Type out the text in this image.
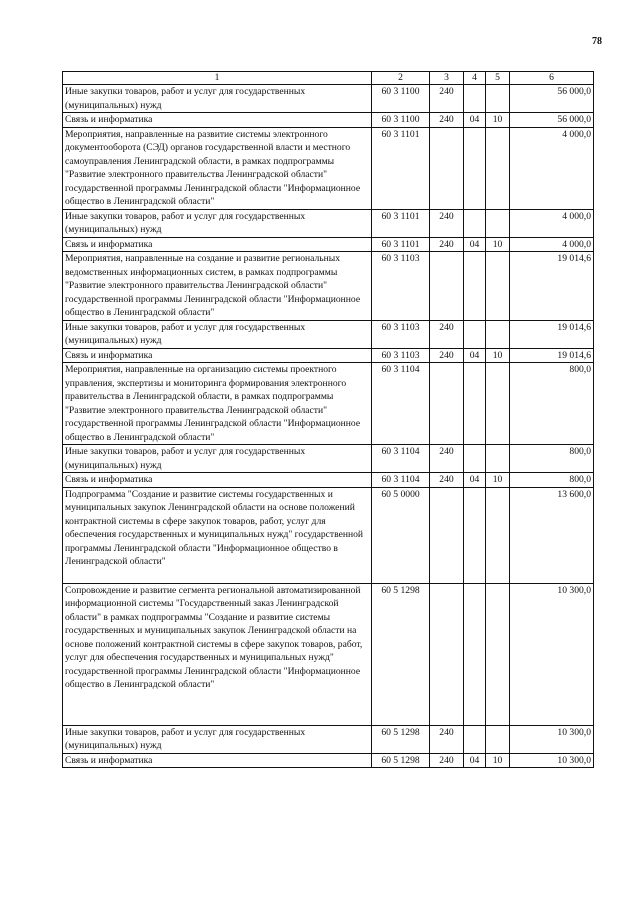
78
1	2	3	4	5	6
Иные закупки товаров, работ и услуг для государственных (муниципальных) нужд	60 3 1100	240			56 000,0
Связь и информатика	60 3 1100	240	04	10	56 000,0
Мероприятия, направленные на развитие системы электронного документооборота (СЭД) органов государственной власти и местного самоуправления Ленинградской области, в рамках подпрограммы "Развитие электронного правительства Ленинградской области" государственной программы Ленинградской области "Информационное общество в Ленинградской области"	60 3 1101				4 000,0
Иные закупки товаров, работ и услуг для государственных (муниципальных) нужд	60 3 1101	240			4 000,0
Связь и информатика	60 3 1101	240	04	10	4 000,0
Мероприятия, направленные на создание и развитие региональных ведомственных информационных систем, в рамках подпрограммы "Развитие электронного правительства Ленинградской области" государственной программы Ленинградской области "Информационное общество в Ленинградской области"	60 3 1103				19 014,6
Иные закупки товаров, работ и услуг для государственных (муниципальных) нужд	60 3 1103	240			19 014,6
Связь и информатика	60 3 1103	240	04	10	19 014,6
Мероприятия, направленные на организацию системы проектного управления, экспертизы и мониторинга формирования электронного правительства в Ленинградской области, в рамках подпрограммы "Развитие электронного правительства Ленинградской области" государственной программы Ленинградской области "Информационное общество в Ленинградской области"	60 3 1104				800,0
Иные закупки товаров, работ и услуг для государственных (муниципальных) нужд	60 3 1104	240			800,0
Связь и информатика	60 3 1104	240	04	10	800,0
Подпрограмма "Создание и развитие системы государственных и муниципальных закупок Ленинградской области на основе положений контрактной системы в сфере закупок товаров, работ, услуг для обеспечения государственных и муниципальных нужд" государственной программы Ленинградской области "Информационное общество в Ленинградской области"	60 5 0000				13 600,0
Сопровождение и развитие сегмента региональной автоматизированной информационной системы "Государственный заказ Ленинградской области" в рамках подпрограммы "Создание и развитие системы государственных и муниципальных закупок Ленинградской области на основе положений контрактной системы в сфере закупок товаров, работ, услуг для обеспечения государственных и муниципальных нужд" государственной программы Ленинградской области "Информационное общество в Ленинградской области"	60 5 1298				10 300,0
Иные закупки товаров, работ и услуг для государственных (муниципальных) нужд	60 5 1298	240			10 300,0
Связь и информатика	60 5 1298	240	04	10	10 300,0
